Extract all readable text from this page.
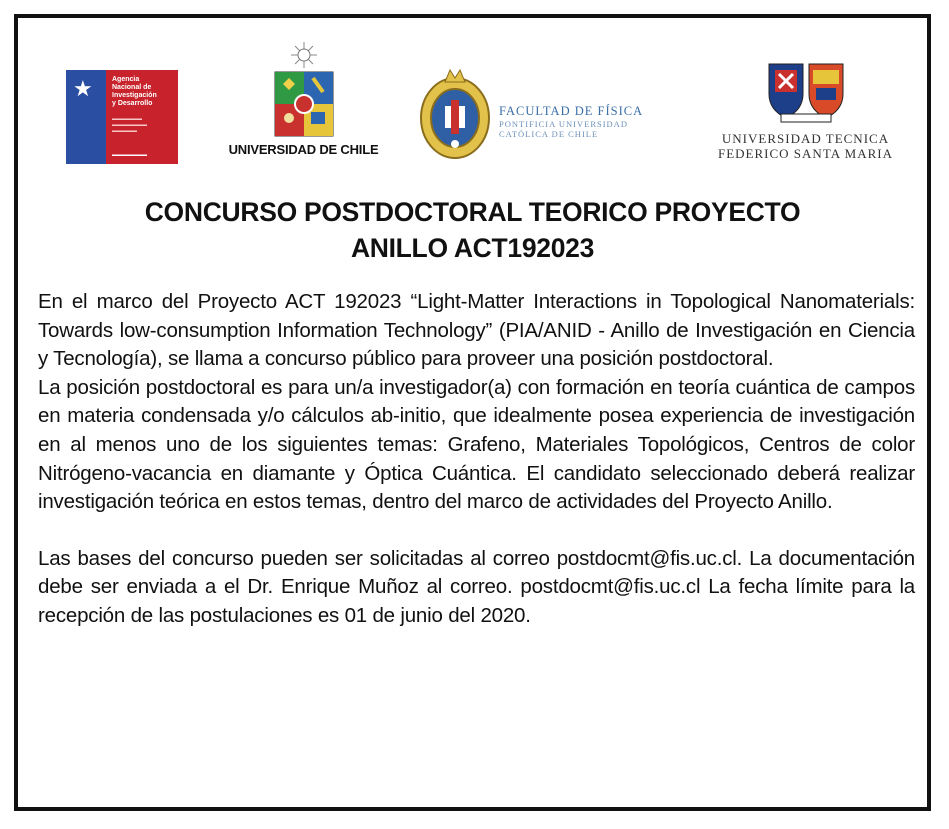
★	Agencia
Nacional de
Investigación
y Desarrollo
▬▬▬▬▬▬
▬▬▬▬▬▬▬
▬▬▬▬▬
▬▬▬▬▬▬▬	UNIVERSIDAD DE CHILE
FACULTAD DE FÍSICA
PONTIFICIA UNIVERSIDAD
CATÓLICA DE CHILE	UNIVERSIDAD TECNICA
FEDERICO SANTA MARIA
CONCURSO POSTDOCTORAL TEORICO PROYECTO
ANILLO ACT192023

En el marco del Proyecto ACT 192023 “Light-Matter Interactions in Topological Nanomaterials: Towards low-consumption Information Technology” (PIA/ANID - Anillo de Investigación en Ciencia y Tecnología), se llama a concurso público para proveer una posición postdoctoral.

La posición postdoctoral es para un/a investigador(a) con formación en teoría cuántica de campos en materia condensada y/o cálculos ab-initio, que idealmente posea experiencia de investigación en al menos uno de los siguientes temas: Grafeno, Materiales Topológicos, Centros de color Nitrógeno-vacancia en diamante y Óptica Cuántica. El candidato seleccionado deberá realizar investigación teórica en estos temas, dentro del marco de actividades del Proyecto Anillo.

Las bases del concurso pueden ser solicitadas al correo postdocmt@fis.uc.cl. La documentación debe ser enviada a el Dr. Enrique Muñoz al correo. postdocmt@fis.uc.cl La fecha límite para la recepción de las postulaciones es 01 de junio del 2020.
